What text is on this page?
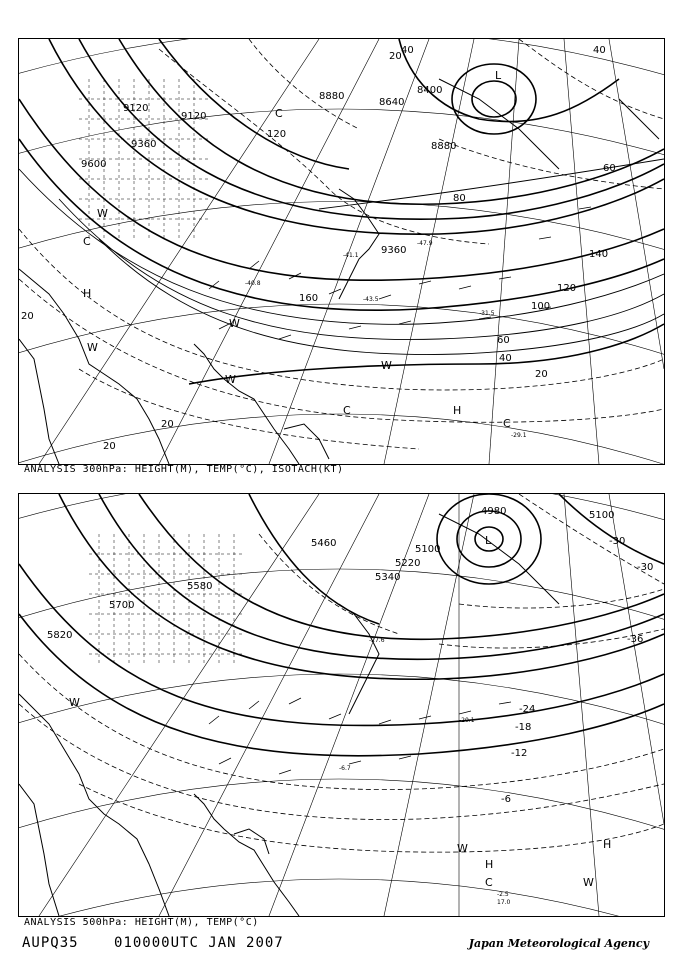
9600
9360
9120
8880
8640
8400
8880
9120
9360
20
40
60
80
100
120
140
160
120
20
40
20
20
20
60
40
L
C
C
W
W
W
H
W
C	H
C
W
-29.1
-41.1
-47.9
-40.8
-43.5
-31.5
ANALYSIS 300hPa: HEIGHT(M), TEMP(°C), ISOTACH(KT)
4980	5100
5100
5220
5340
5460
5580
5700
5820
-30
-30
-36
-24
-18
-12
-6
L
W
W
H
C
H
W
-2.5
17.0
-27.6
-20.1
-6.7
ANALYSIS 500hPa: HEIGHT(M), TEMP(°C)
AUPQ35	010000UTC JAN 2007	Japan Meteorological Agency
